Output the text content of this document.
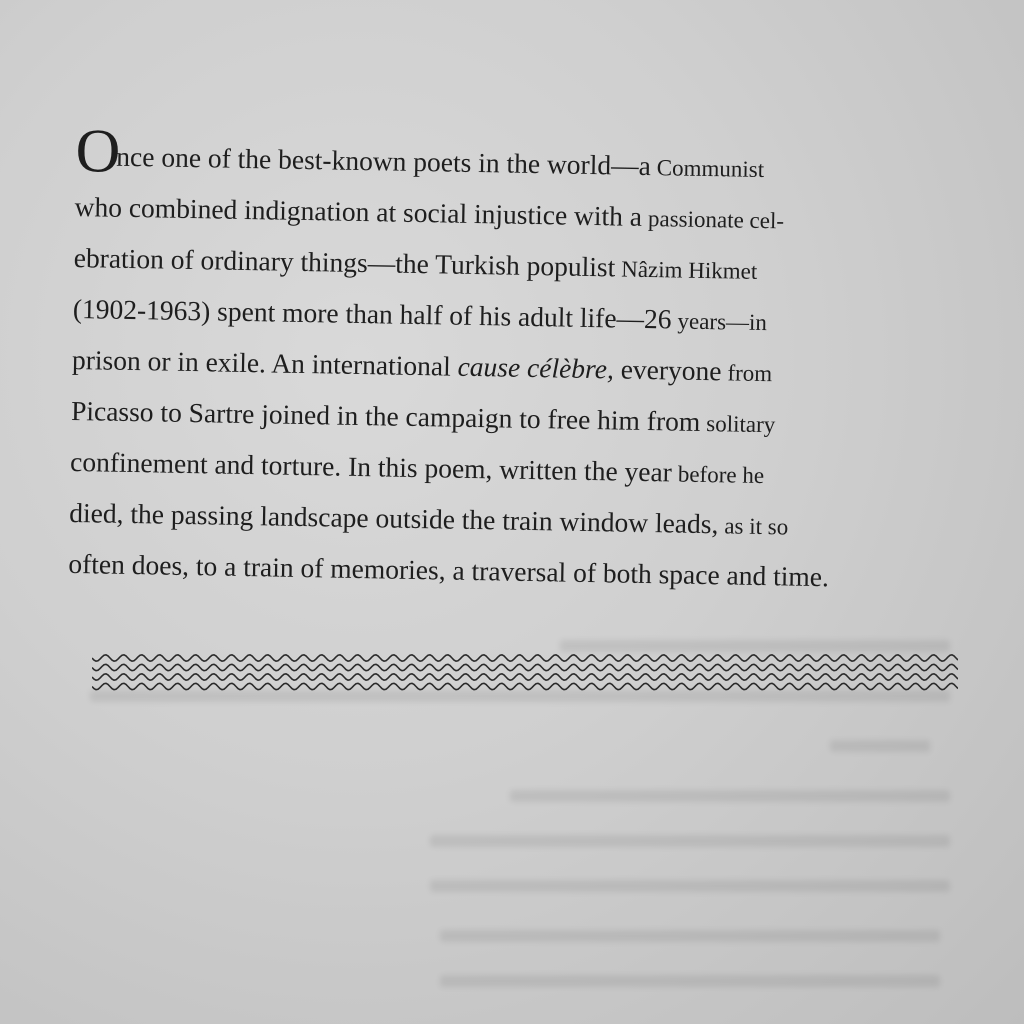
Once one of the best-known poets in the world—a Communist
who combined indignation at social injustice with a passionate cel-
ebration of ordinary things—the Turkish populist Nâzim Hikmet
(1902-1963) spent more than half of his adult life—26 years—in
prison or in exile. An international cause célèbre, everyone from
Picasso to Sartre joined in the campaign to free him from solitary
confinement and torture. In this poem, written the year before he
died, the passing landscape outside the train window leads, as it so
often does, to a train of memories, a traversal of both space and time.
